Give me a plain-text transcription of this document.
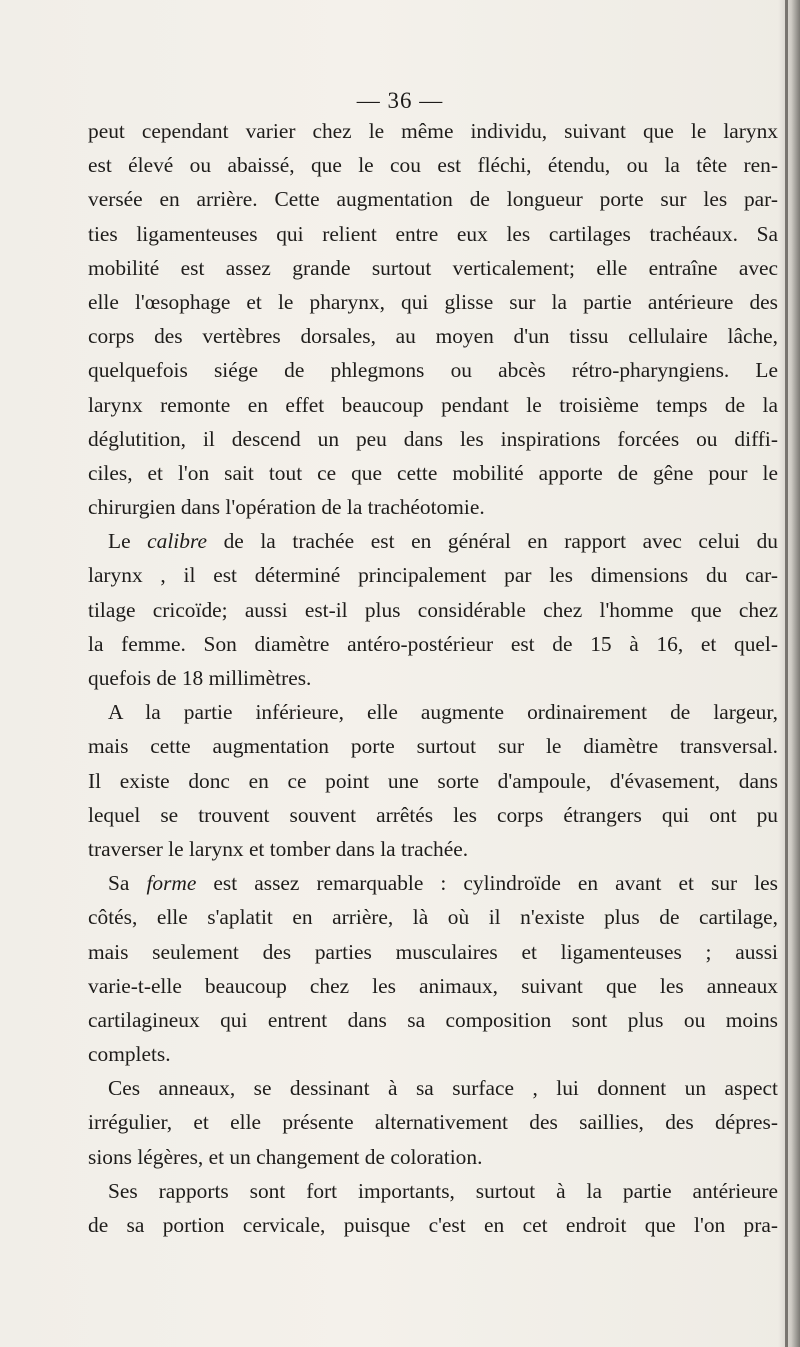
— 36 —
peut cependant varier chez le même individu, suivant que le larynx
est élevé ou abaissé, que le cou est fléchi, étendu, ou la tête ren-
versée en arrière. Cette augmentation de longueur porte sur les par-
ties ligamenteuses qui relient entre eux les cartilages trachéaux. Sa
mobilité est assez grande surtout verticalement; elle entraîne avec
elle l'œsophage et le pharynx, qui glisse sur la partie antérieure des
corps des vertèbres dorsales, au moyen d'un tissu cellulaire lâche,
quelquefois siége de phlegmons ou abcès rétro-pharyngiens. Le
larynx remonte en effet beaucoup pendant le troisième temps de la
déglutition, il descend un peu dans les inspirations forcées ou diffi-
ciles, et l'on sait tout ce que cette mobilité apporte de gêne pour le
chirurgien dans l'opération de la trachéotomie.
Le calibre de la trachée est en général en rapport avec celui du
larynx , il est déterminé principalement par les dimensions du car-
tilage cricoïde; aussi est-il plus considérable chez l'homme que chez
la femme. Son diamètre antéro-postérieur est de 15 à 16, et quel-
quefois de 18 millimètres.
A la partie inférieure, elle augmente ordinairement de largeur,
mais cette augmentation porte surtout sur le diamètre transversal.
Il existe donc en ce point une sorte d'ampoule, d'évasement, dans
lequel se trouvent souvent arrêtés les corps étrangers qui ont pu
traverser le larynx et tomber dans la trachée.
Sa forme est assez remarquable : cylindroïde en avant et sur les
côtés, elle s'aplatit en arrière, là où il n'existe plus de cartilage,
mais seulement des parties musculaires et ligamenteuses ; aussi
varie-t-elle beaucoup chez les animaux, suivant que les anneaux
cartilagineux qui entrent dans sa composition sont plus ou moins
complets.
Ces anneaux, se dessinant à sa surface , lui donnent un aspect
irrégulier, et elle présente alternativement des saillies, des dépres-
sions légères, et un changement de coloration.
Ses rapports sont fort importants, surtout à la partie antérieure
de sa portion cervicale, puisque c'est en cet endroit que l'on pra-
